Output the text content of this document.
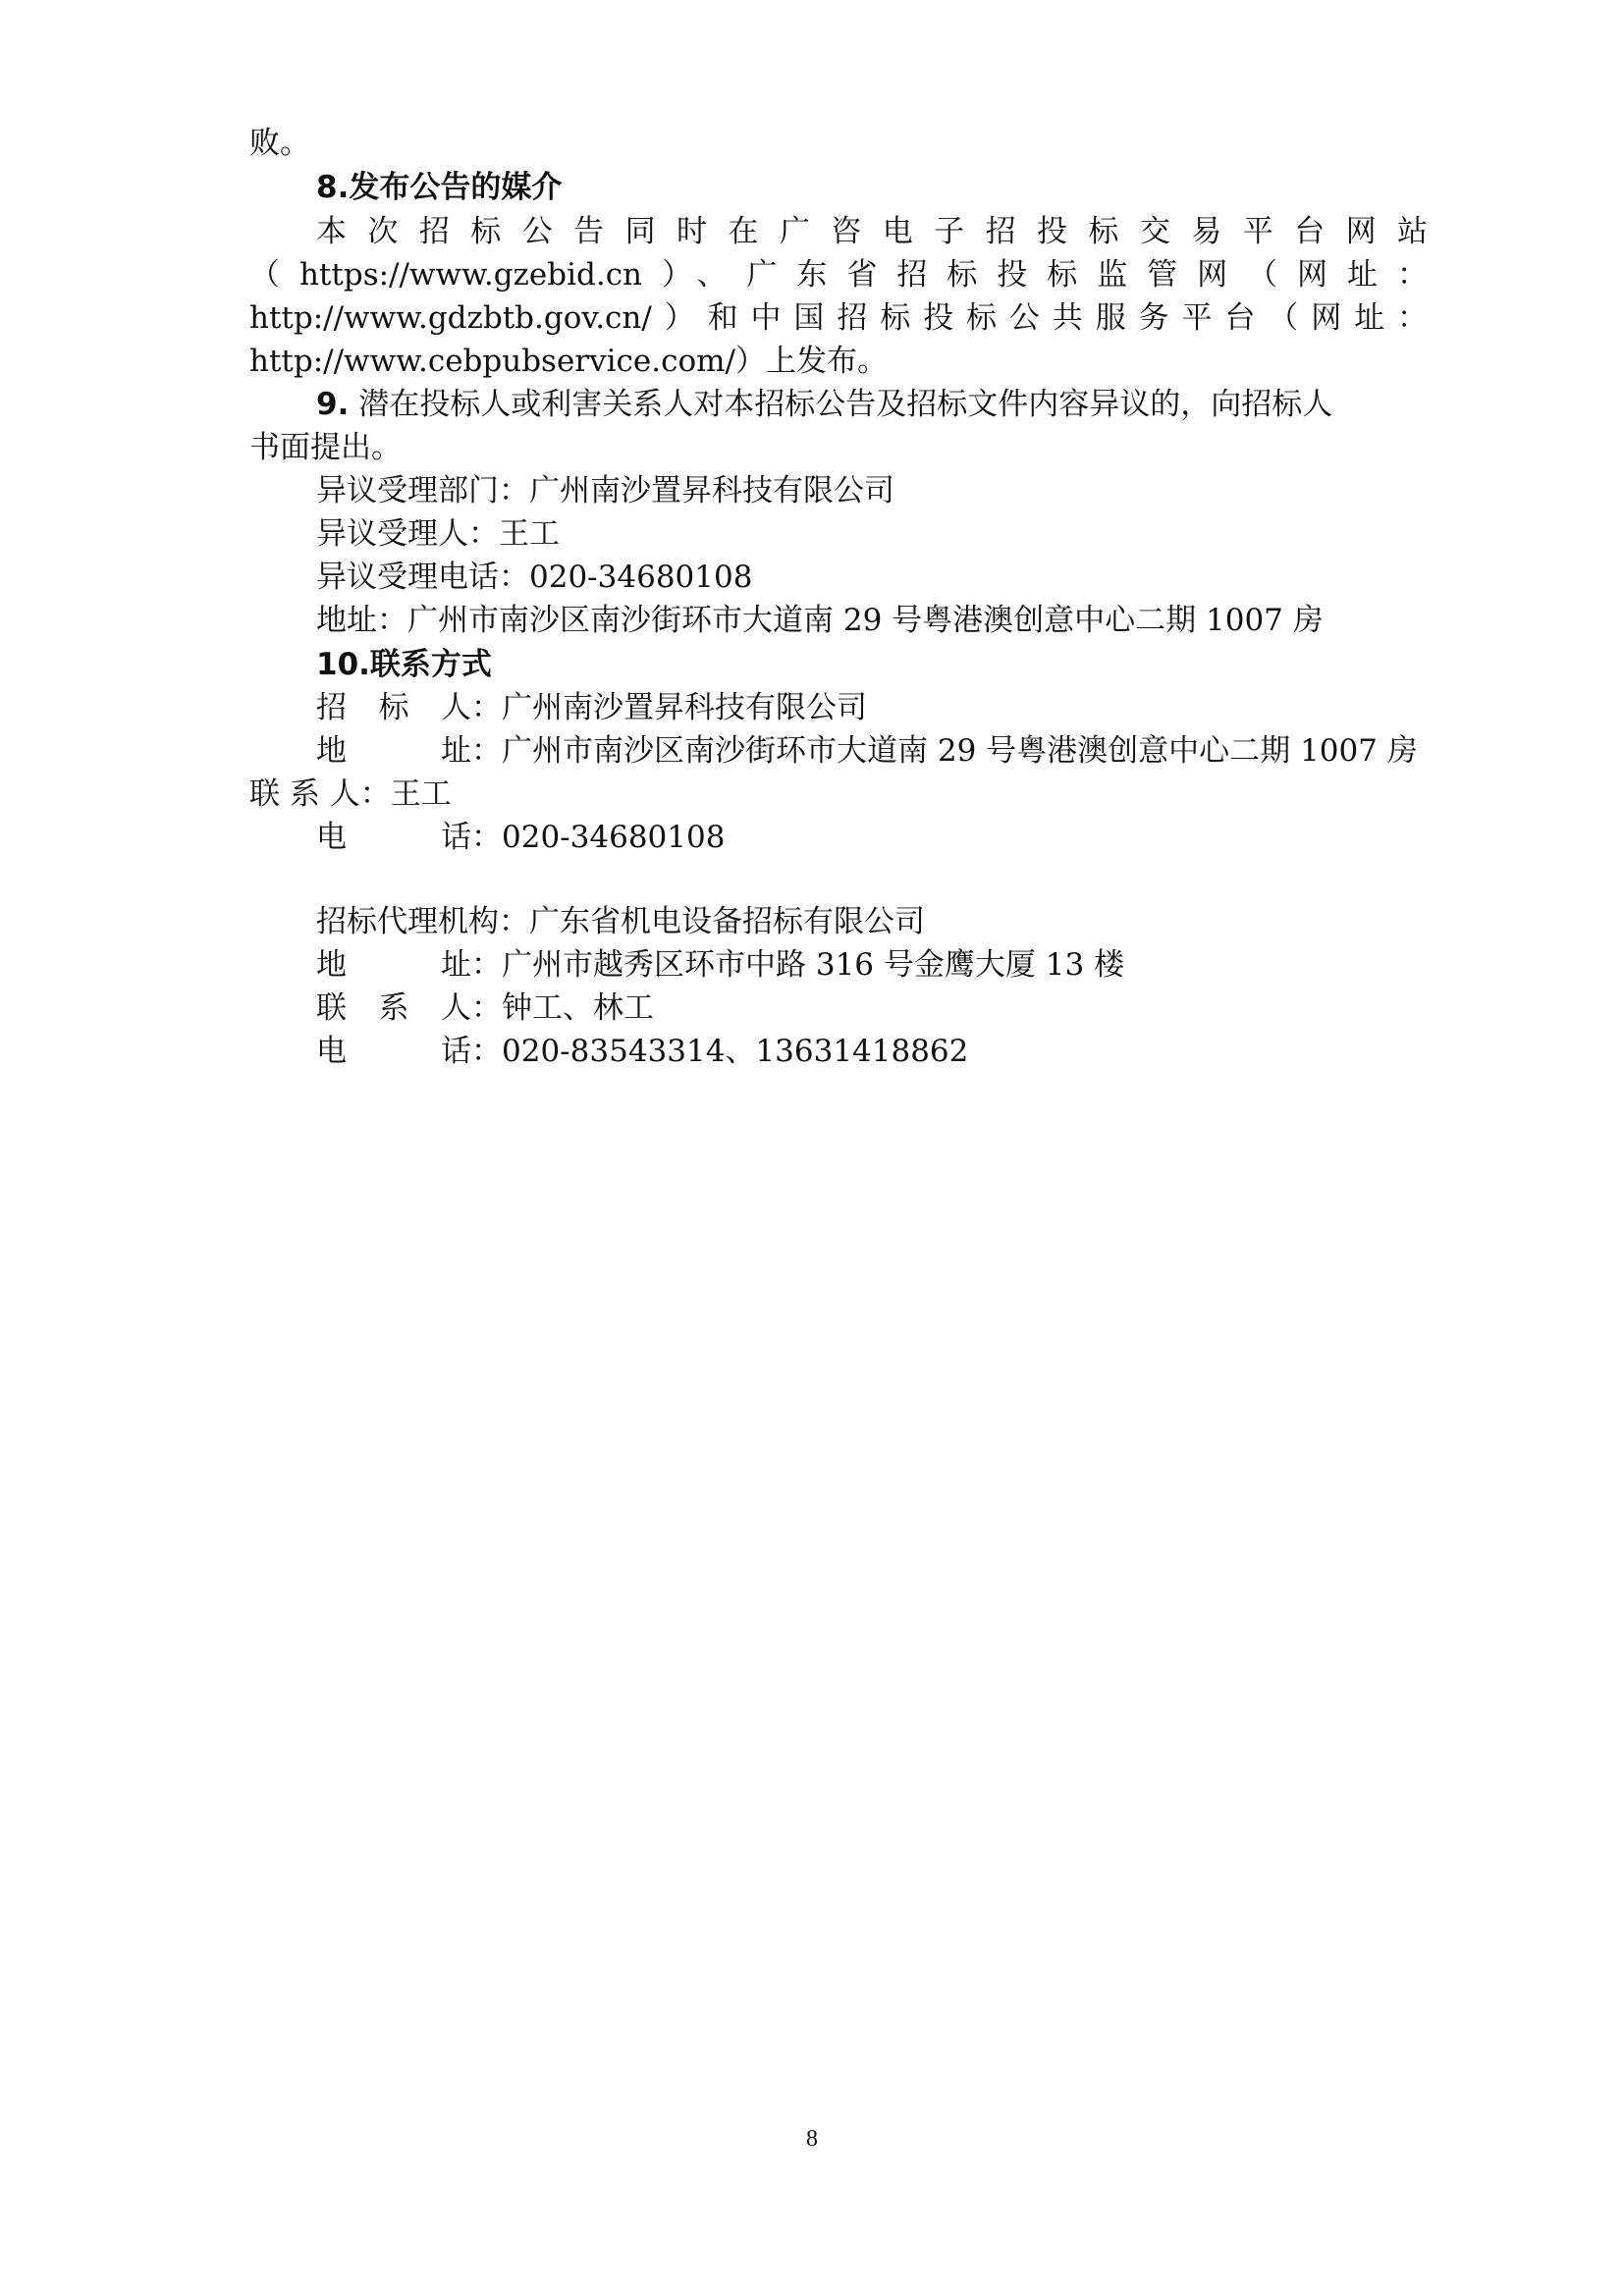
败。
8.发布公告的媒介
本次招标公告同时在广咨电子招投标交易平台网站
（https://www.gzebid.cn）、广东省招标投标监管网（网址：
http://www.gdzbtb.gov.cn/）和中国招标投标公共服务平台（网址：
http://www.cebpubservice.com/）上发布。
9. 潜在投标人或利害关系人对本招标公告及招标文件内容异议的，向招标人
书面提出。
异议受理部门：广州南沙置昇科技有限公司
异议受理人：王工
异议受理电话：020-34680108
地址：广州市南沙区南沙街环市大道南 29 号粤港澳创意中心二期 1007 房
10.联系方式
招标人：广州南沙置昇科技有限公司
地址：广州市南沙区南沙街环市大道南 29 号粤港澳创意中心二期 1007 房
联 系 人：王工
电话：020-34680108
招标代理机构：广东省机电设备招标有限公司
地址：广州市越秀区环市中路 316 号金鹰大厦 13 楼
联系人：钟工、林工
电话：020-83543314、13631418862
8
